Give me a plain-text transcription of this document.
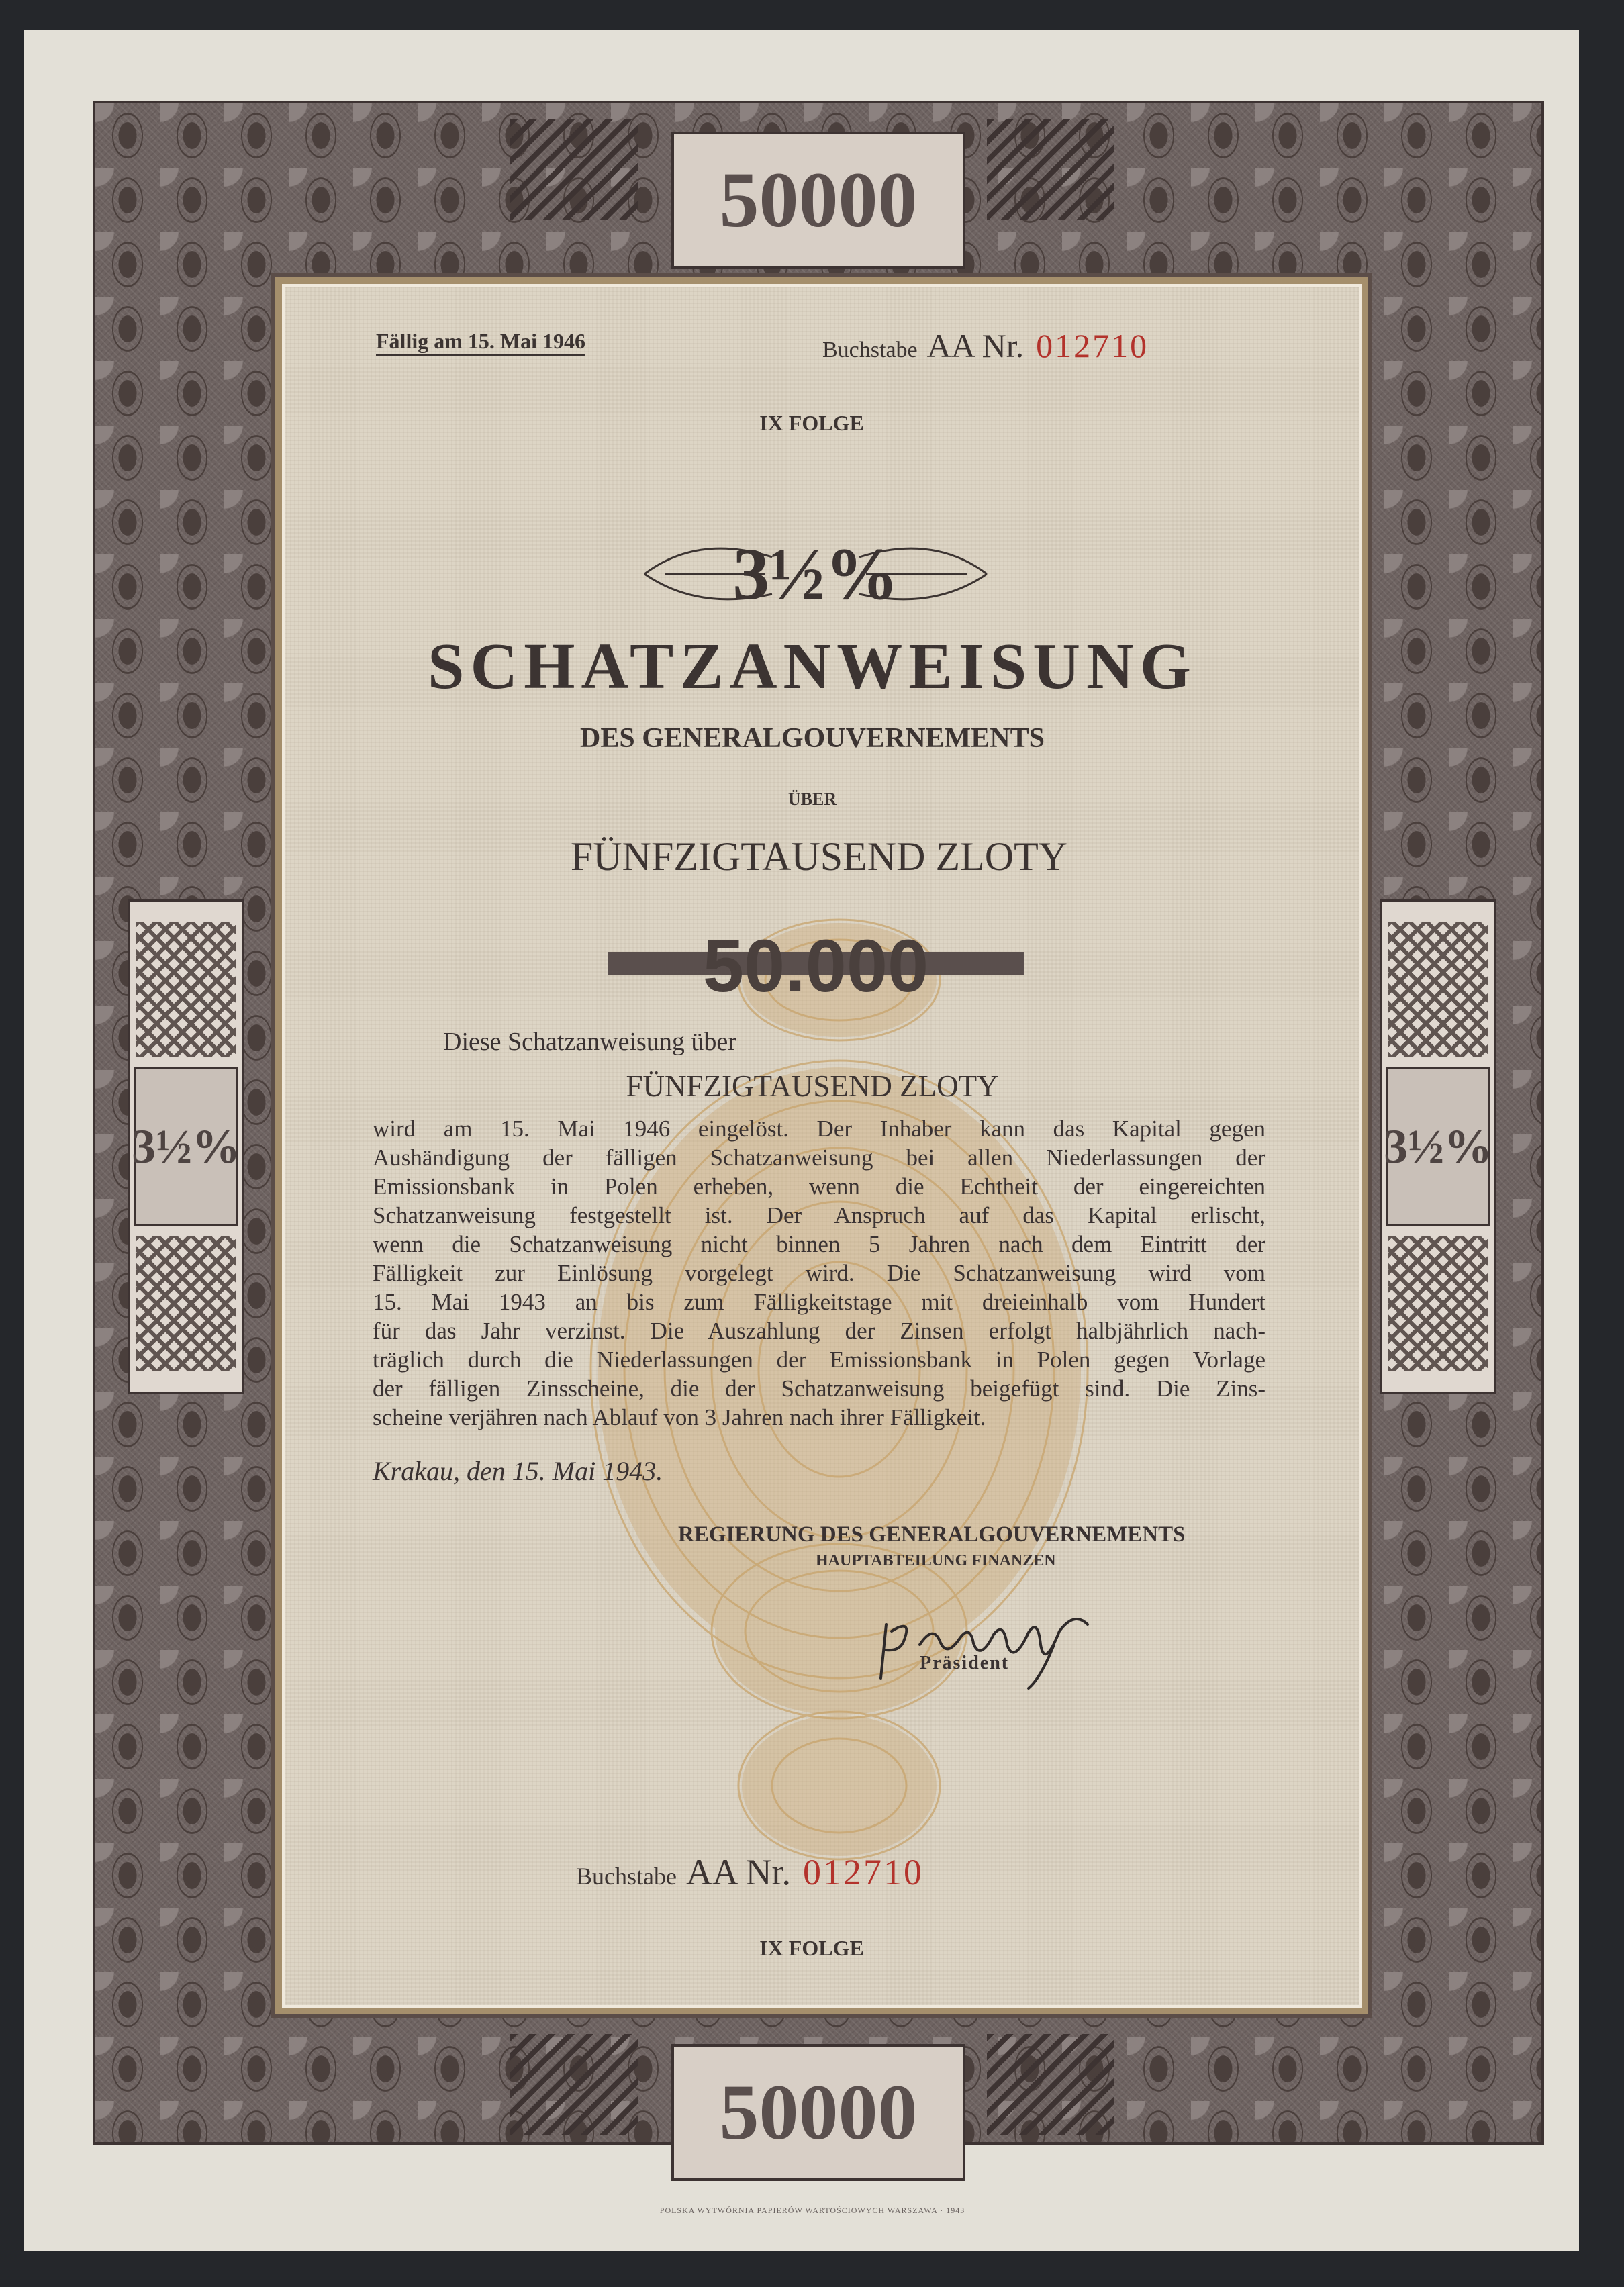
50000
50000
3½%	3½%
Fällig am 15. Mai 1946	Buchstabe AA Nr. 012710
IX FOLGE
3½%
SCHATZANWEISUNG
DES GENERALGOUVERNEMENTS
ÜBER
FÜNFZIGTAUSEND ZLOTY
50.000
Diese Schatzanweisung über
FÜNFZIGTAUSEND ZLOTY
wird am 15. Mai 1946 eingelöst. Der Inhaber kann das Kapital gegen
Aushändigung der fälligen Schatzanweisung bei allen Niederlassungen der
Emissionsbank in Polen erheben, wenn die Echtheit der eingereichten
Schatzanweisung festgestellt ist. Der Anspruch auf das Kapital erlischt,
wenn die Schatzanweisung nicht binnen 5 Jahren nach dem Eintritt der
Fälligkeit zur Einlösung vorgelegt wird. Die Schatzanweisung wird vom
15. Mai 1943 an bis zum Fälligkeitstage mit dreieinhalb vom Hundert
für das Jahr verzinst. Die Auszahlung der Zinsen erfolgt halbjährlich nach-
träglich durch die Niederlassungen der Emissionsbank in Polen gegen Vorlage
der fälligen Zinsscheine, die der Schatzanweisung beigefügt sind. Die Zins-
scheine verjähren nach Ablauf von 3 Jahren nach ihrer Fälligkeit.
Krakau, den 15. Mai 1943.
REGIERUNG DES GENERALGOUVERNEMENTS
HAUPTABTEILUNG FINANZEN
Präsident
Buchstabe AA Nr. 012710
IX FOLGE
POLSKA WYTWÓRNIA PAPIERÓW WARTOŚCIOWYCH WARSZAWA · 1943
